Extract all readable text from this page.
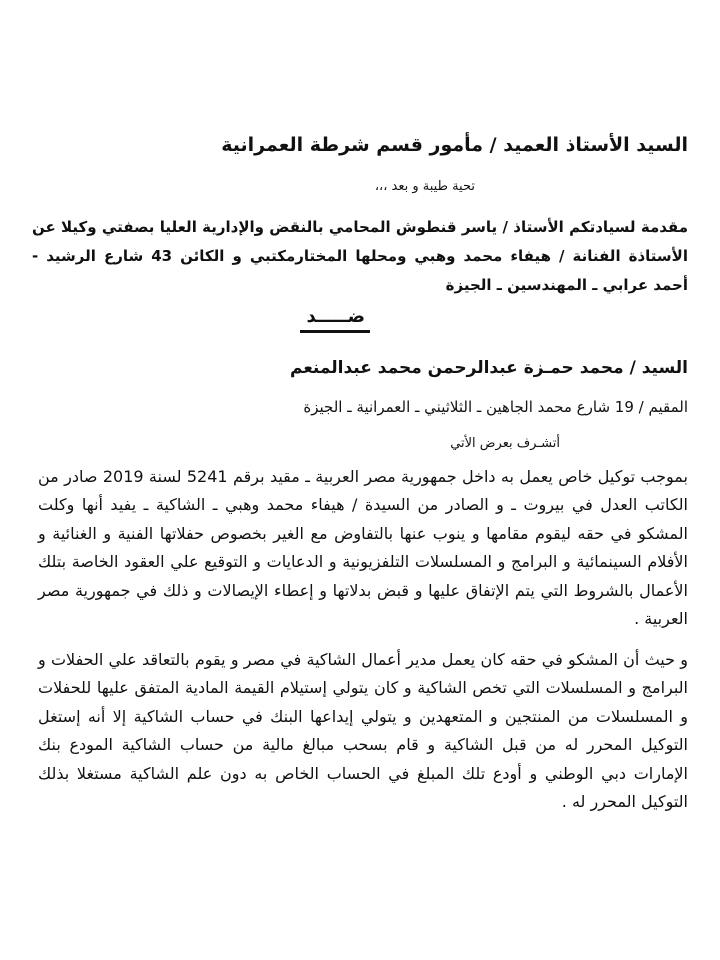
السيد الأستاذ العميد / مأمور قسم شرطة العمرانية
تحية طيبة و بعد ،،،
مقدمة لسيادتكم الأستاذ / ياسر قنطوش المحامي بالنقض والإدارية العليا بصفتي وكيلا عن الأستاذة الفنانة / هيفاء محمد وهبي ومحلها المختارمكتبي و الكائن 43 شارع الرشيد - أحمد عرابي ـ المهندسين ـ الجيزة
ضـــــد
السيد / محمد حمـزة عبدالرحمن محمد عبدالمنعم
المقيم / 19 شارع محمد الجاهين ـ الثلاثيني ـ العمرانية ـ الجيزة
أتشـرف بعرض الأتي
بموجب توكيل خاص يعمل به داخل جمهورية مصر العربية ـ مقيد برقم 5241 لسنة 2019 صادر من الكاتب العدل في بيروت ـ و الصادر من السيدة / هيفاء محمد وهبي ـ الشاكية ـ يفيد أنها وكلت المشكو في حقه ليقوم مقامها و ينوب عنها بالتفاوض مع الغير بخصوص حفلاتها الفنية و الغنائية و الأفلام السينمائية و البرامج و المسلسلات التلفزيونية و الدعايات و التوقيع علي العقود الخاصة بتلك الأعمال بالشروط التي يتم الإتفاق عليها و قبض بدلاتها و إعطاء الإيصالات و ذلك في جمهورية مصر العربية .
و حيث أن المشكو في حقه كان يعمل مدير أعمال الشاكية في مصر و يقوم بالتعاقد علي الحفلات و البرامج و المسلسلات التي تخص الشاكية و كان يتولي إستيلام القيمة المادية المتفق عليها للحفلات و المسلسلات من المنتجين و المتعهدين و يتولي إيداعها البنك في حساب الشاكية إلا أنه إستغل التوكيل المحرر له من قبل الشاكية و قام بسحب مبالغ مالية من حساب الشاكية المودع بنك الإمارات دبي الوطني و أودع تلك المبلغ في الحساب الخاص به دون علم الشاكية مستغلا بذلك التوكيل المحرر له .
